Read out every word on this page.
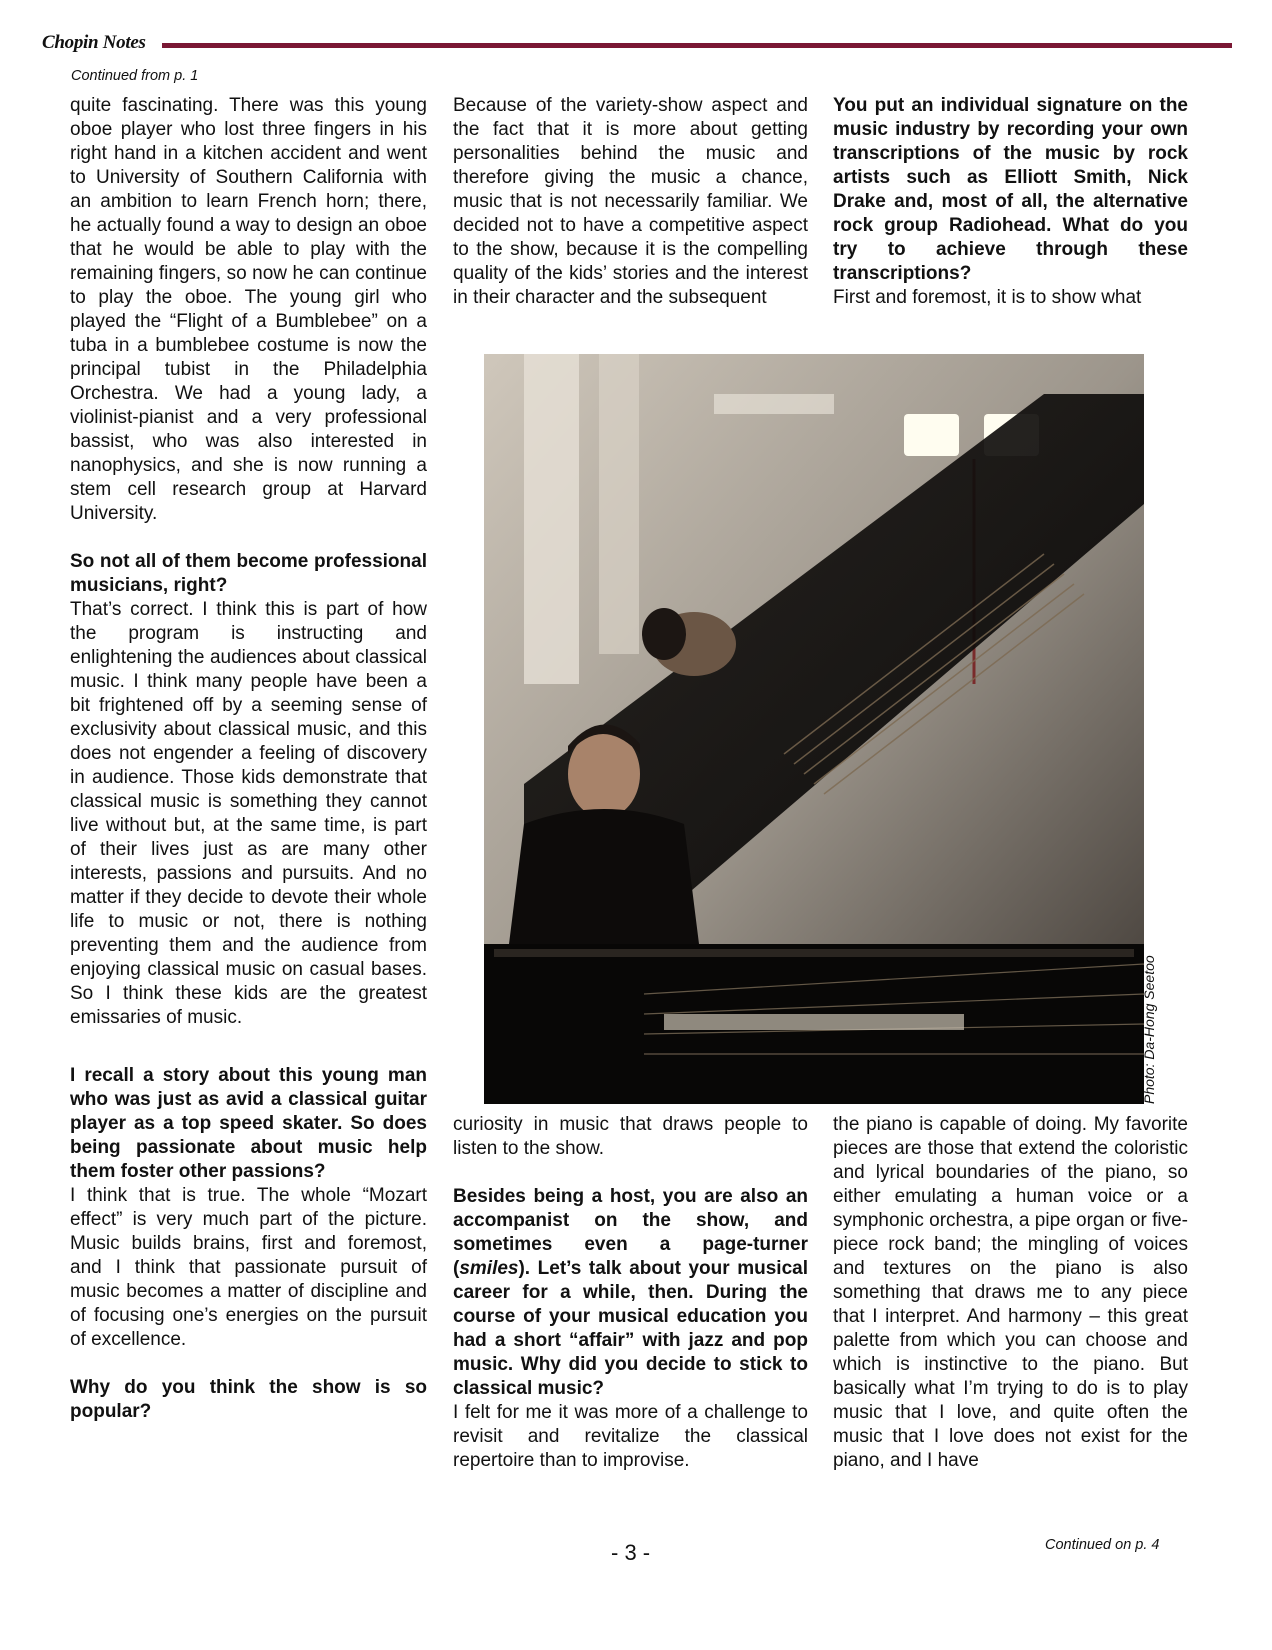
Chopin Notes
Continued from p. 1

quite fascinating. There was this young oboe player who lost three fingers in his right hand in a kitchen accident and went to University of Southern California with an ambition to learn French horn; there, he actually found a way to design an oboe that he would be able to play with the remaining fingers, so now he can continue to play the oboe. The young girl who played the “Flight of a Bumblebee” on a tuba in a bumblebee costume is now the principal tubist in the Philadelphia Orchestra. We had a young lady, a violinist-pianist and a very professional bassist, who was also interested in nanophysics, and she is now running a stem cell research group at Harvard University.

So not all of them become professional musicians, right?

That’s correct. I think this is part of how the program is instructing and enlightening the audiences about classical music. I think many people have been a bit frightened off by a seeming sense of exclusivity about classical music, and this does not engender a feeling of discovery in audience. Those kids demonstrate that classical music is something they cannot live without but, at the same time, is part of their lives just as are many other interests, passions and pursuits. And no matter if they decide to devote their whole life to music or not, there is nothing preventing them and the audience from enjoying classical music on casual bases. So I think these kids are the greatest emissaries of music.

I recall a story about this young man who was just as avid a classical guitar player as a top speed skater. So does being passionate about music help them foster other passions?

I think that is true. The whole “Mozart effect” is very much part of the picture. Music builds brains, first and foremost, and I think that passionate pursuit of music becomes a matter of discipline and of focusing one’s energies on the pursuit of excellence.

Why do you think the show is so popular?

Because of the variety-show aspect and the fact that it is more about getting personalities behind the music and therefore giving the music a chance, music that is not necessarily familiar. We decided not to have a competitive aspect to the show, because it is the compelling quality of the kids’ stories and the interest in their character and the subsequent

You put an individual signature on the music industry by recording your own transcriptions of the music by rock artists such as Elliott Smith, Nick Drake and, most of all, the alternative rock group Radiohead. What do you try to achieve through these transcriptions?

First and foremost, it is to show what

Photo: Da-Hong Seetoo

curiosity in music that draws people to listen to the show.

Besides being a host, you are also an accompanist on the show, and sometimes even a page-turner (smiles). Let’s talk about your musical career for a while, then. During the course of your musical education you had a short “affair” with jazz and pop music. Why did you decide to stick to classical music?

I felt for me it was more of a challenge to revisit and revitalize the classical repertoire than to improvise.

the piano is capable of doing. My favorite pieces are those that extend the coloristic and lyrical boundaries of the piano, so either emulating a human voice or a symphonic orchestra, a pipe organ or five-piece rock band; the mingling of voices and textures on the piano is also something that draws me to any piece that I interpret. And harmony – this great palette from which you can choose and which is instinctive to the piano. But basically what I’m trying to do is to play music that I love, and quite often the music that I love does not exist for the piano, and I have

- 3 -	Continued on p. 4
